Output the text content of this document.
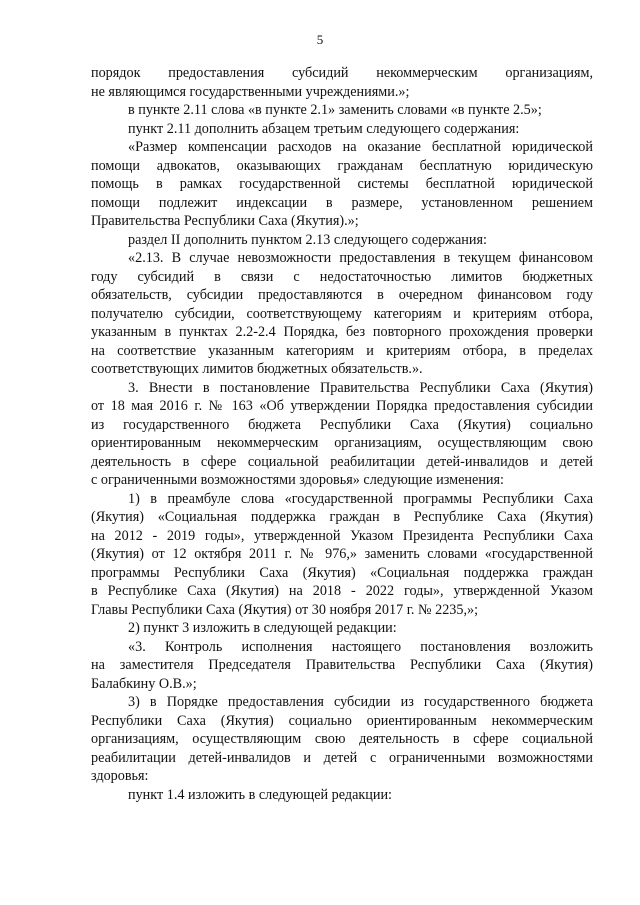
5
порядок предоставления субсидий некоммерческим организациям,
не являющимся государственными учреждениями.»;
в пункте 2.11 слова «в пункте 2.1» заменить словами «в пункте 2.5»;
пункт 2.11 дополнить абзацем третьим следующего содержания:
«Размер компенсации расходов на оказание бесплатной юридической
помощи адвокатов, оказывающих гражданам бесплатную юридическую
помощь в рамках государственной системы бесплатной юридической
помощи подлежит индексации в размере, установленном решением
Правительства Республики Саха (Якутия).»;
раздел II дополнить пунктом 2.13 следующего содержания:
«2.13. В случае невозможности предоставления в текущем финансовом
году субсидий в связи с недостаточностью лимитов бюджетных
обязательств, субсидии предоставляются в очередном финансовом году
получателю субсидии, соответствующему категориям и критериям отбора,
указанным в пунктах 2.2-2.4 Порядка, без повторного прохождения проверки
на соответствие указанным категориям и критериям отбора, в пределах
соответствующих лимитов бюджетных обязательств.».
3. Внести в постановление Правительства Республики Саха (Якутия)
от 18 мая 2016 г. № 163 «Об утверждении Порядка предоставления субсидии
из государственного бюджета Республики Саха (Якутия) социально
ориентированным некоммерческим организациям, осуществляющим свою
деятельность в сфере социальной реабилитации детей-инвалидов и детей
с ограниченными возможностями здоровья» следующие изменения:
1) в преамбуле слова «государственной программы Республики Саха
(Якутия) «Социальная поддержка граждан в Республике Саха (Якутия)
на 2012 - 2019 годы», утвержденной Указом Президента Республики Саха
(Якутия) от 12 октября 2011 г. № 976,» заменить словами «государственной
программы Республики Саха (Якутия) «Социальная поддержка граждан
в Республике Саха (Якутия) на 2018 - 2022 годы», утвержденной Указом
Главы Республики Саха (Якутия) от 30 ноября 2017 г. № 2235,»;
2) пункт 3 изложить в следующей редакции:
«3. Контроль исполнения настоящего постановления возложить
на заместителя Председателя Правительства Республики Саха (Якутия)
Балабкину О.В.»;
3) в Порядке предоставления субсидии из государственного бюджета
Республики Саха (Якутия) социально ориентированным некоммерческим
организациям, осуществляющим свою деятельность в сфере социальной
реабилитации детей-инвалидов и детей с ограниченными возможностями
здоровья:
пункт 1.4 изложить в следующей редакции:
